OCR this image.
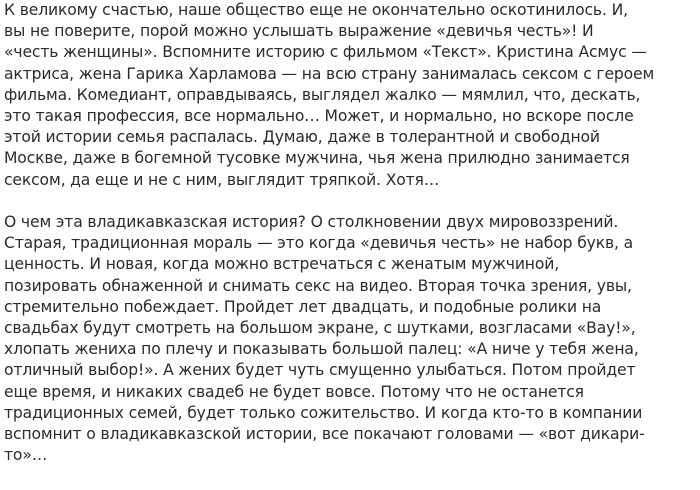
К великому счастью, наше общество еще не окончательно оскотинилось. И,
вы не поверите, порой можно услышать выражение «девичья честь»! И
«честь женщины». Вспомните историю с фильмом «Текст». Кристина Асмус —
актриса, жена Гарика Харламова — на всю страну занималась сексом с героем
фильма. Комедиант, оправдываясь, выглядел жалко — мямлил, что, дескать,
это такая профессия, все нормально… Может, и нормально, но вскоре после
этой истории семья распалась. Думаю, даже в толерантной и свободной
Москве, даже в богемной тусовке мужчина, чья жена прилюдно занимается
сексом, да еще и не с ним, выглядит тряпкой. Хотя…

О чем эта владикавказская история? О столкновении двух мировоззрений.
Старая, традиционная мораль — это когда «девичья честь» не набор букв, а
ценность. И новая, когда можно встречаться с женатым мужчиной,
позировать обнаженной и снимать секс на видео. Вторая точка зрения, увы,
стремительно побеждает. Пройдет лет двадцать, и подобные ролики на
свадьбах будут смотреть на большом экране, с шутками, возгласами «Вау!»,
хлопать жениха по плечу и показывать большой палец: «А ниче у тебя жена,
отличный выбор!». А жених будет чуть смущенно улыбаться. Потом пройдет
еще время, и никаких свадеб не будет вовсе. Потому что не останется
традиционных семей, будет только сожительство. И когда кто-то в компании
вспомнит о владикавказской истории, все покачают головами — «вот дикари-
то»…
